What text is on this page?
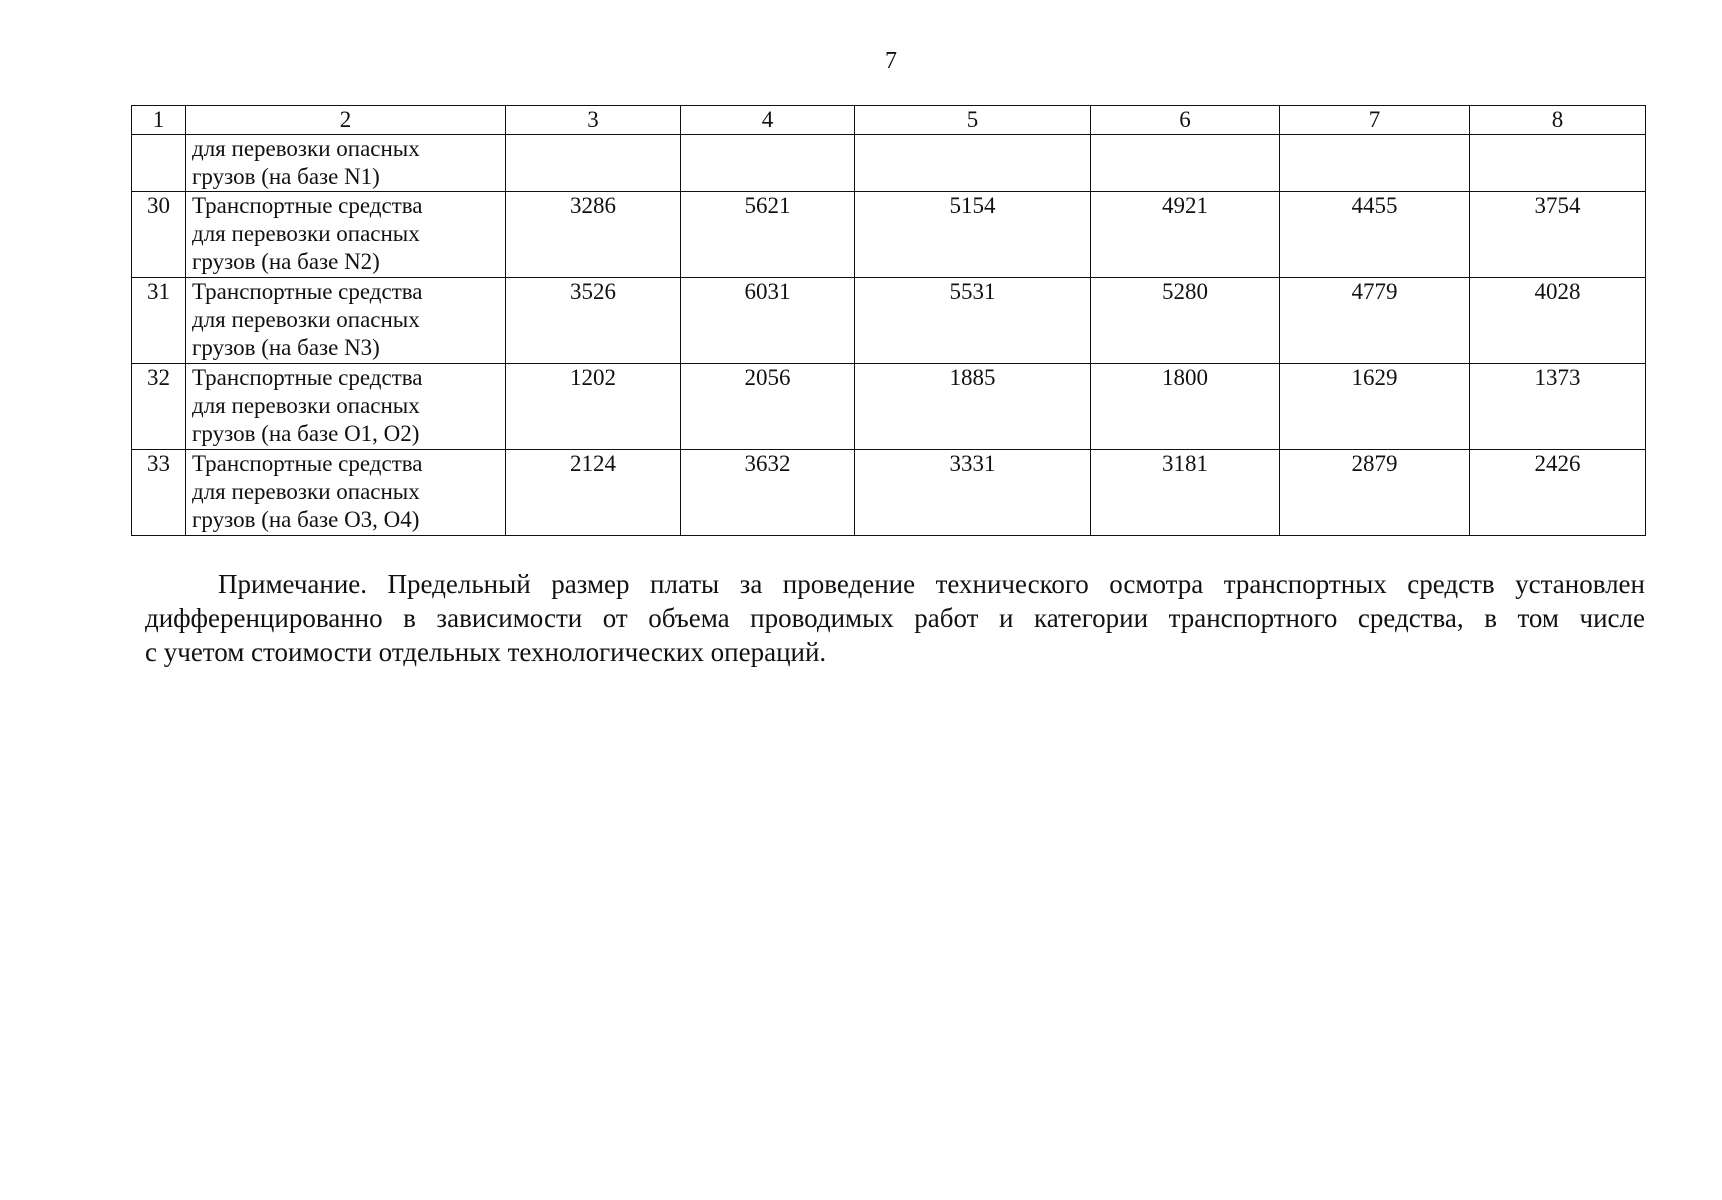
7
1	2	3	4	5	6	7	8

	для перевозки опасных
грузов (на базе N1)						

30	Транспортные средства
для перевозки опасных
грузов (на базе N2)	3286	5621	5154	4921	4455	3754
31	Транспортные средства
для перевозки опасных
грузов (на базе N3)	3526	6031	5531	5280	4779	4028
32	Транспортные средства
для перевозки опасных
грузов (на базе О1, О2)	1202	2056	1885	1800	1629	1373
33	Транспортные средства
для перевозки опасных
грузов (на базе О3, О4)	2124	3632	3331	3181	2879	2426
Примечание. Предельный размер платы за проведение технического осмотра транспортных средств установлен
дифференцированно в зависимости от объема проводимых работ и категории транспортного средства, в том числе
с учетом стоимости отдельных технологических операций.
